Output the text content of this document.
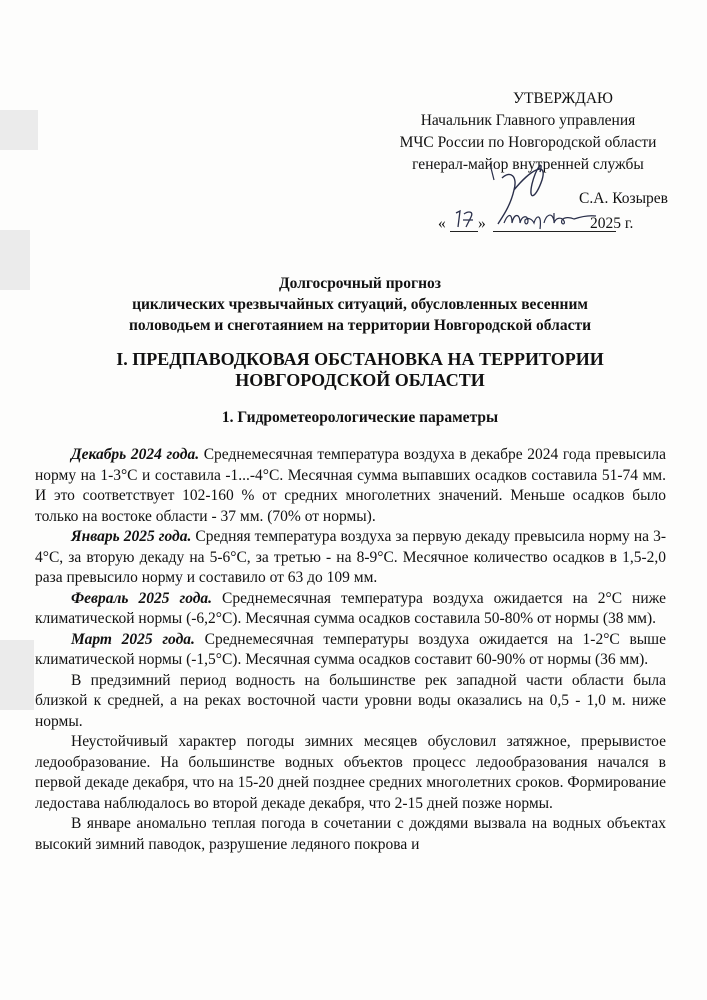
УТВЕРЖДАЮ
Начальник Главного управления
МЧС России по Новгородской области
генерал-майор внутренней службы
С.А. Козырев
« »	2025 г.
Долгосрочный прогноз
циклических чрезвычайных ситуаций, обусловленных весенним
половодьем и снеготаянием на территории Новгородской области
I. ПРЕДПАВОДКОВАЯ ОБСТАНОВКА НА ТЕРРИТОРИИ
НОВГОРОДСКОЙ ОБЛАСТИ
1. Гидрометеорологические параметры

Декабрь 2024 года. Среднемесячная температура воздуха в декабре 2024 года превысила норму на 1-3°С и составила -1...-4°С. Месячная сумма выпавших осадков составила 51-74 мм. И это соответствует 102-160 % от средних многолетних значений. Меньше осадков было только на востоке области - 37 мм. (70% от нормы).

Январь 2025 года. Средняя температура воздуха за первую декаду превысила норму на 3-4°С, за вторую декаду на 5-6°С, за третью - на 8-9°С. Месячное количество осадков в 1,5-2,0 раза превысило норму и составило от 63 до 109 мм.

Февраль 2025 года. Среднемесячная температура воздуха ожидается на 2°С ниже климатической нормы (-6,2°С). Месячная сумма осадков составила 50-80% от нормы (38 мм).

Март 2025 года. Среднемесячная температуры воздуха ожидается на 1-2°С выше климатической нормы (-1,5°С). Месячная сумма осадков составит 60-90% от нормы (36 мм).

В предзимний период водность на большинстве рек западной части области была близкой к средней, а на реках восточной части уровни воды оказались на 0,5 - 1,0 м. ниже нормы.

Неустойчивый характер погоды зимних месяцев обусловил затяжное, прерывистое ледообразование. На большинстве водных объектов процесс ледообразования начался в первой декаде декабря, что на 15-20 дней позднее средних многолетних сроков. Формирование ледостава наблюдалось во второй декаде декабря, что 2-15 дней позже нормы.

В январе аномально теплая погода в сочетании с дождями вызвала на водных объектах высокий зимний паводок, разрушение ледяного покрова и
